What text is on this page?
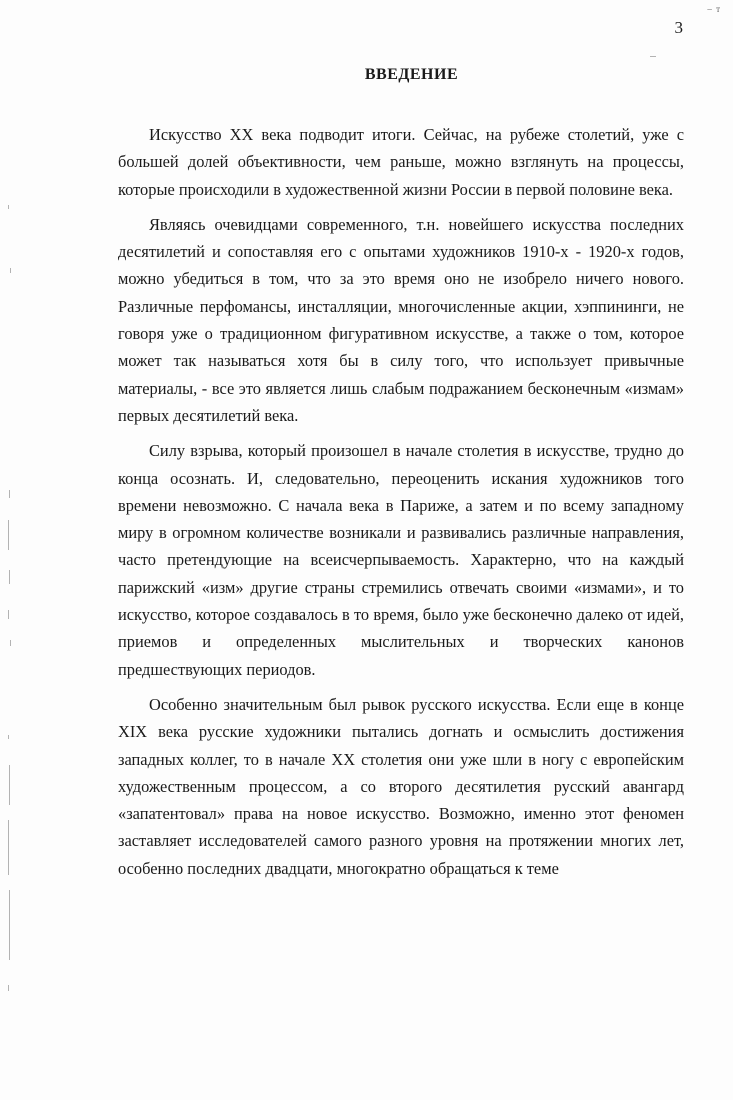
‒ т
3
ВВЕДЕНИЕ

Искусство XX века подводит итоги. Сейчас, на рубеже столетий, уже с большей долей объективности, чем раньше, можно взглянуть на процессы, которые происходили в художественной жизни России в первой половине века.

Являясь очевидцами современного, т.н. новейшего искусства последних десятилетий и сопоставляя его с опытами художников 1910-х - 1920-х годов, можно убедиться в том, что за это время оно не изобрело ничего нового. Различные перфомансы, инсталляции, многочисленные акции, хэппининги, не говоря уже о традиционном фигуративном искусстве, а также о том, которое может так называться хотя бы в силу того, что использует привычные материалы, - все это является лишь слабым подражанием бесконечным «измам» первых десятилетий века.

Силу взрыва, который произошел в начале столетия в искусстве, трудно до конца осознать. И, следовательно, переоценить искания художников того времени невозможно. С начала века в Париже, а затем и по всему западному миру в огромном количестве возникали и развивались различные направления, часто претендующие на всеисчерпываемость. Характерно, что на каждый парижский «изм» другие страны стремились отвечать своими «измами», и то искусство, которое создавалось в то время, было уже бесконечно далеко от идей, приемов и определенных мыслительных и творческих канонов предшествующих периодов.

Особенно значительным был рывок русского искусства. Если еще в конце XIX века русские художники пытались догнать и осмыслить достижения западных коллег, то в начале XX столетия они уже шли в ногу с европейским художественным процессом, а со второго десятилетия русский авангард «запатентовал» права на новое искусство. Возможно, именно этот феномен заставляет исследователей самого разного уровня на протяжении многих лет, особенно последних двадцати, многократно обращаться к теме
